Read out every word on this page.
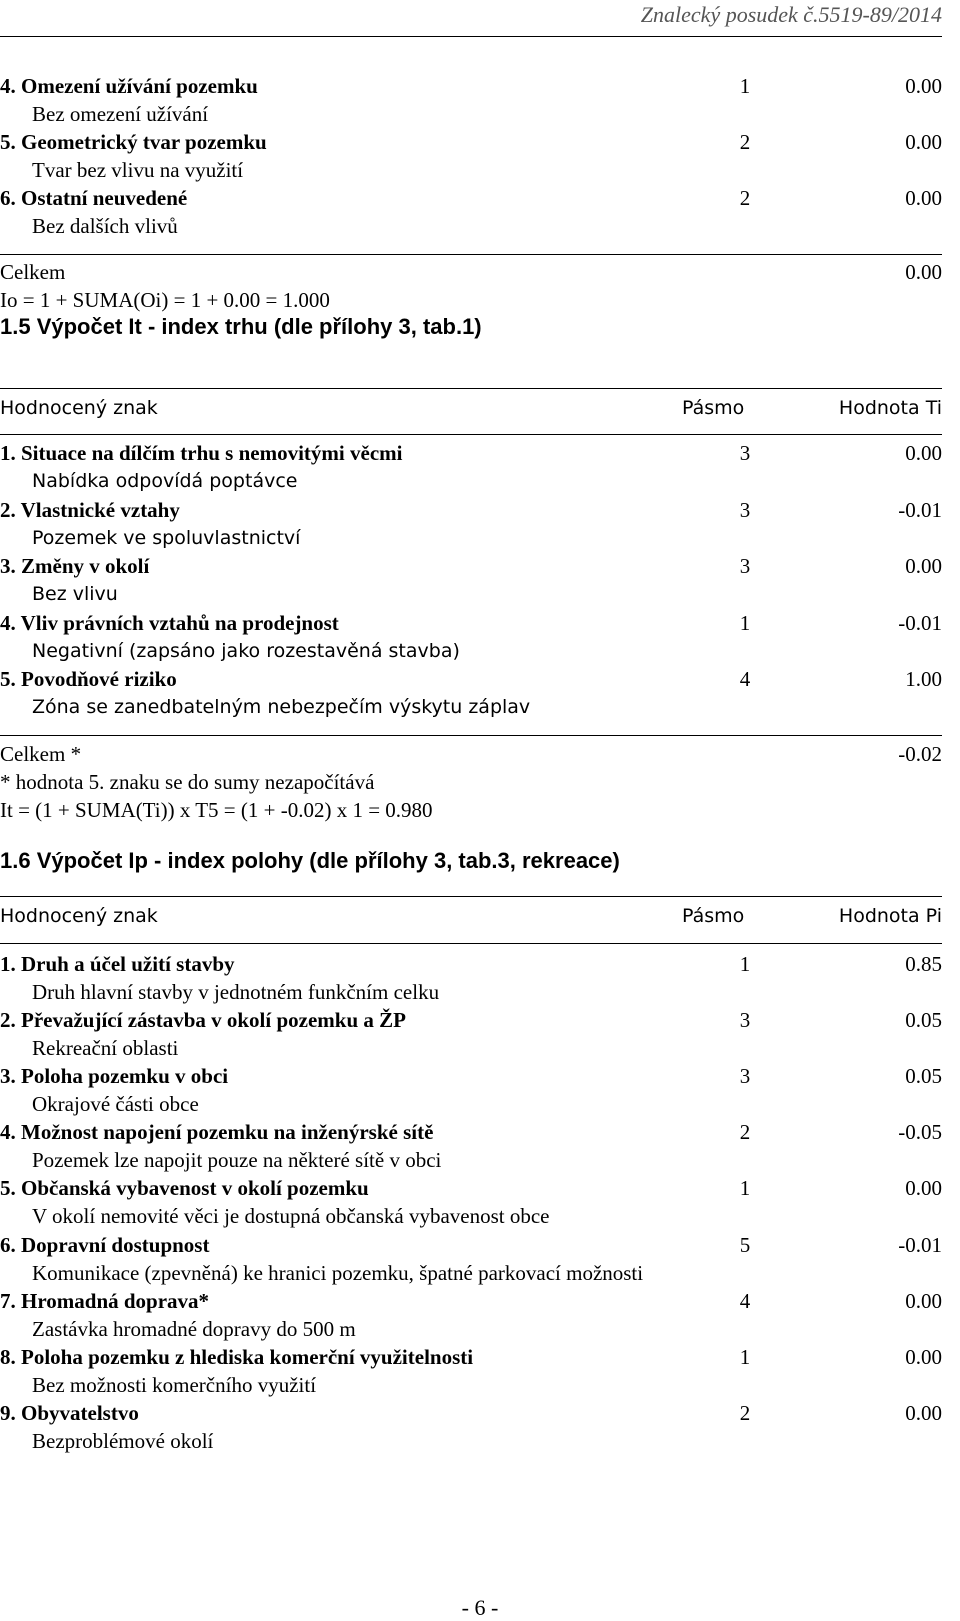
Znalecký posudek č.5519-89/2014
4. Omezení užívání pozemku	1	0.00
Bez omezení užívání
5. Geometrický tvar pozemku	2	0.00
Tvar bez vlivu na využití
6. Ostatní neuvedené	2	0.00
Bez dalších vlivů
Celkem	0.00
Io = 1 + SUMA(Oi) = 1 + 0.00 = 1.000
1.5 Výpočet It - index trhu (dle přílohy 3, tab.1)
Hodnocený znak	Pásmo	Hodnota Ti
1. Situace na dílčím trhu s nemovitými věcmi	3	0.00
Nabídka odpovídá poptávce
2. Vlastnické vztahy	3	-0.01
Pozemek ve spoluvlastnictví
3. Změny v okolí	3	0.00
Bez vlivu
4. Vliv právních vztahů na prodejnost	1	-0.01
Negativní (zapsáno jako rozestavěná stavba)
5. Povodňové riziko	4	1.00
Zóna se zanedbatelným nebezpečím výskytu záplav
Celkem *	-0.02
* hodnota 5. znaku se do sumy nezapočítává
It = (1 + SUMA(Ti)) x T5 = (1 + -0.02) x 1 = 0.980
1.6 Výpočet Ip - index polohy (dle přílohy 3, tab.3, rekreace)
Hodnocený znak	Pásmo	Hodnota Pi
1. Druh a účel užití stavby	1	0.85
Druh hlavní stavby v jednotném funkčním celku
2. Převažující zástavba v okolí pozemku a ŽP	3	0.05
Rekreační oblasti
3. Poloha pozemku v obci	3	0.05
Okrajové části obce
4. Možnost napojení pozemku na inženýrské sítě	2	-0.05
Pozemek lze napojit pouze na některé sítě v obci
5. Občanská vybavenost v okolí pozemku	1	0.00
V okolí nemovité věci je dostupná občanská vybavenost obce
6. Dopravní dostupnost	5	-0.01
Komunikace (zpevněná) ke hranici pozemku, špatné parkovací možnosti
7. Hromadná doprava*	4	0.00
Zastávka hromadné dopravy do 500 m
8. Poloha pozemku z hlediska komerční využitelnosti	1	0.00
Bez možnosti komerčního využití
9. Obyvatelstvo	2	0.00
Bezproblémové okolí
- 6 -
